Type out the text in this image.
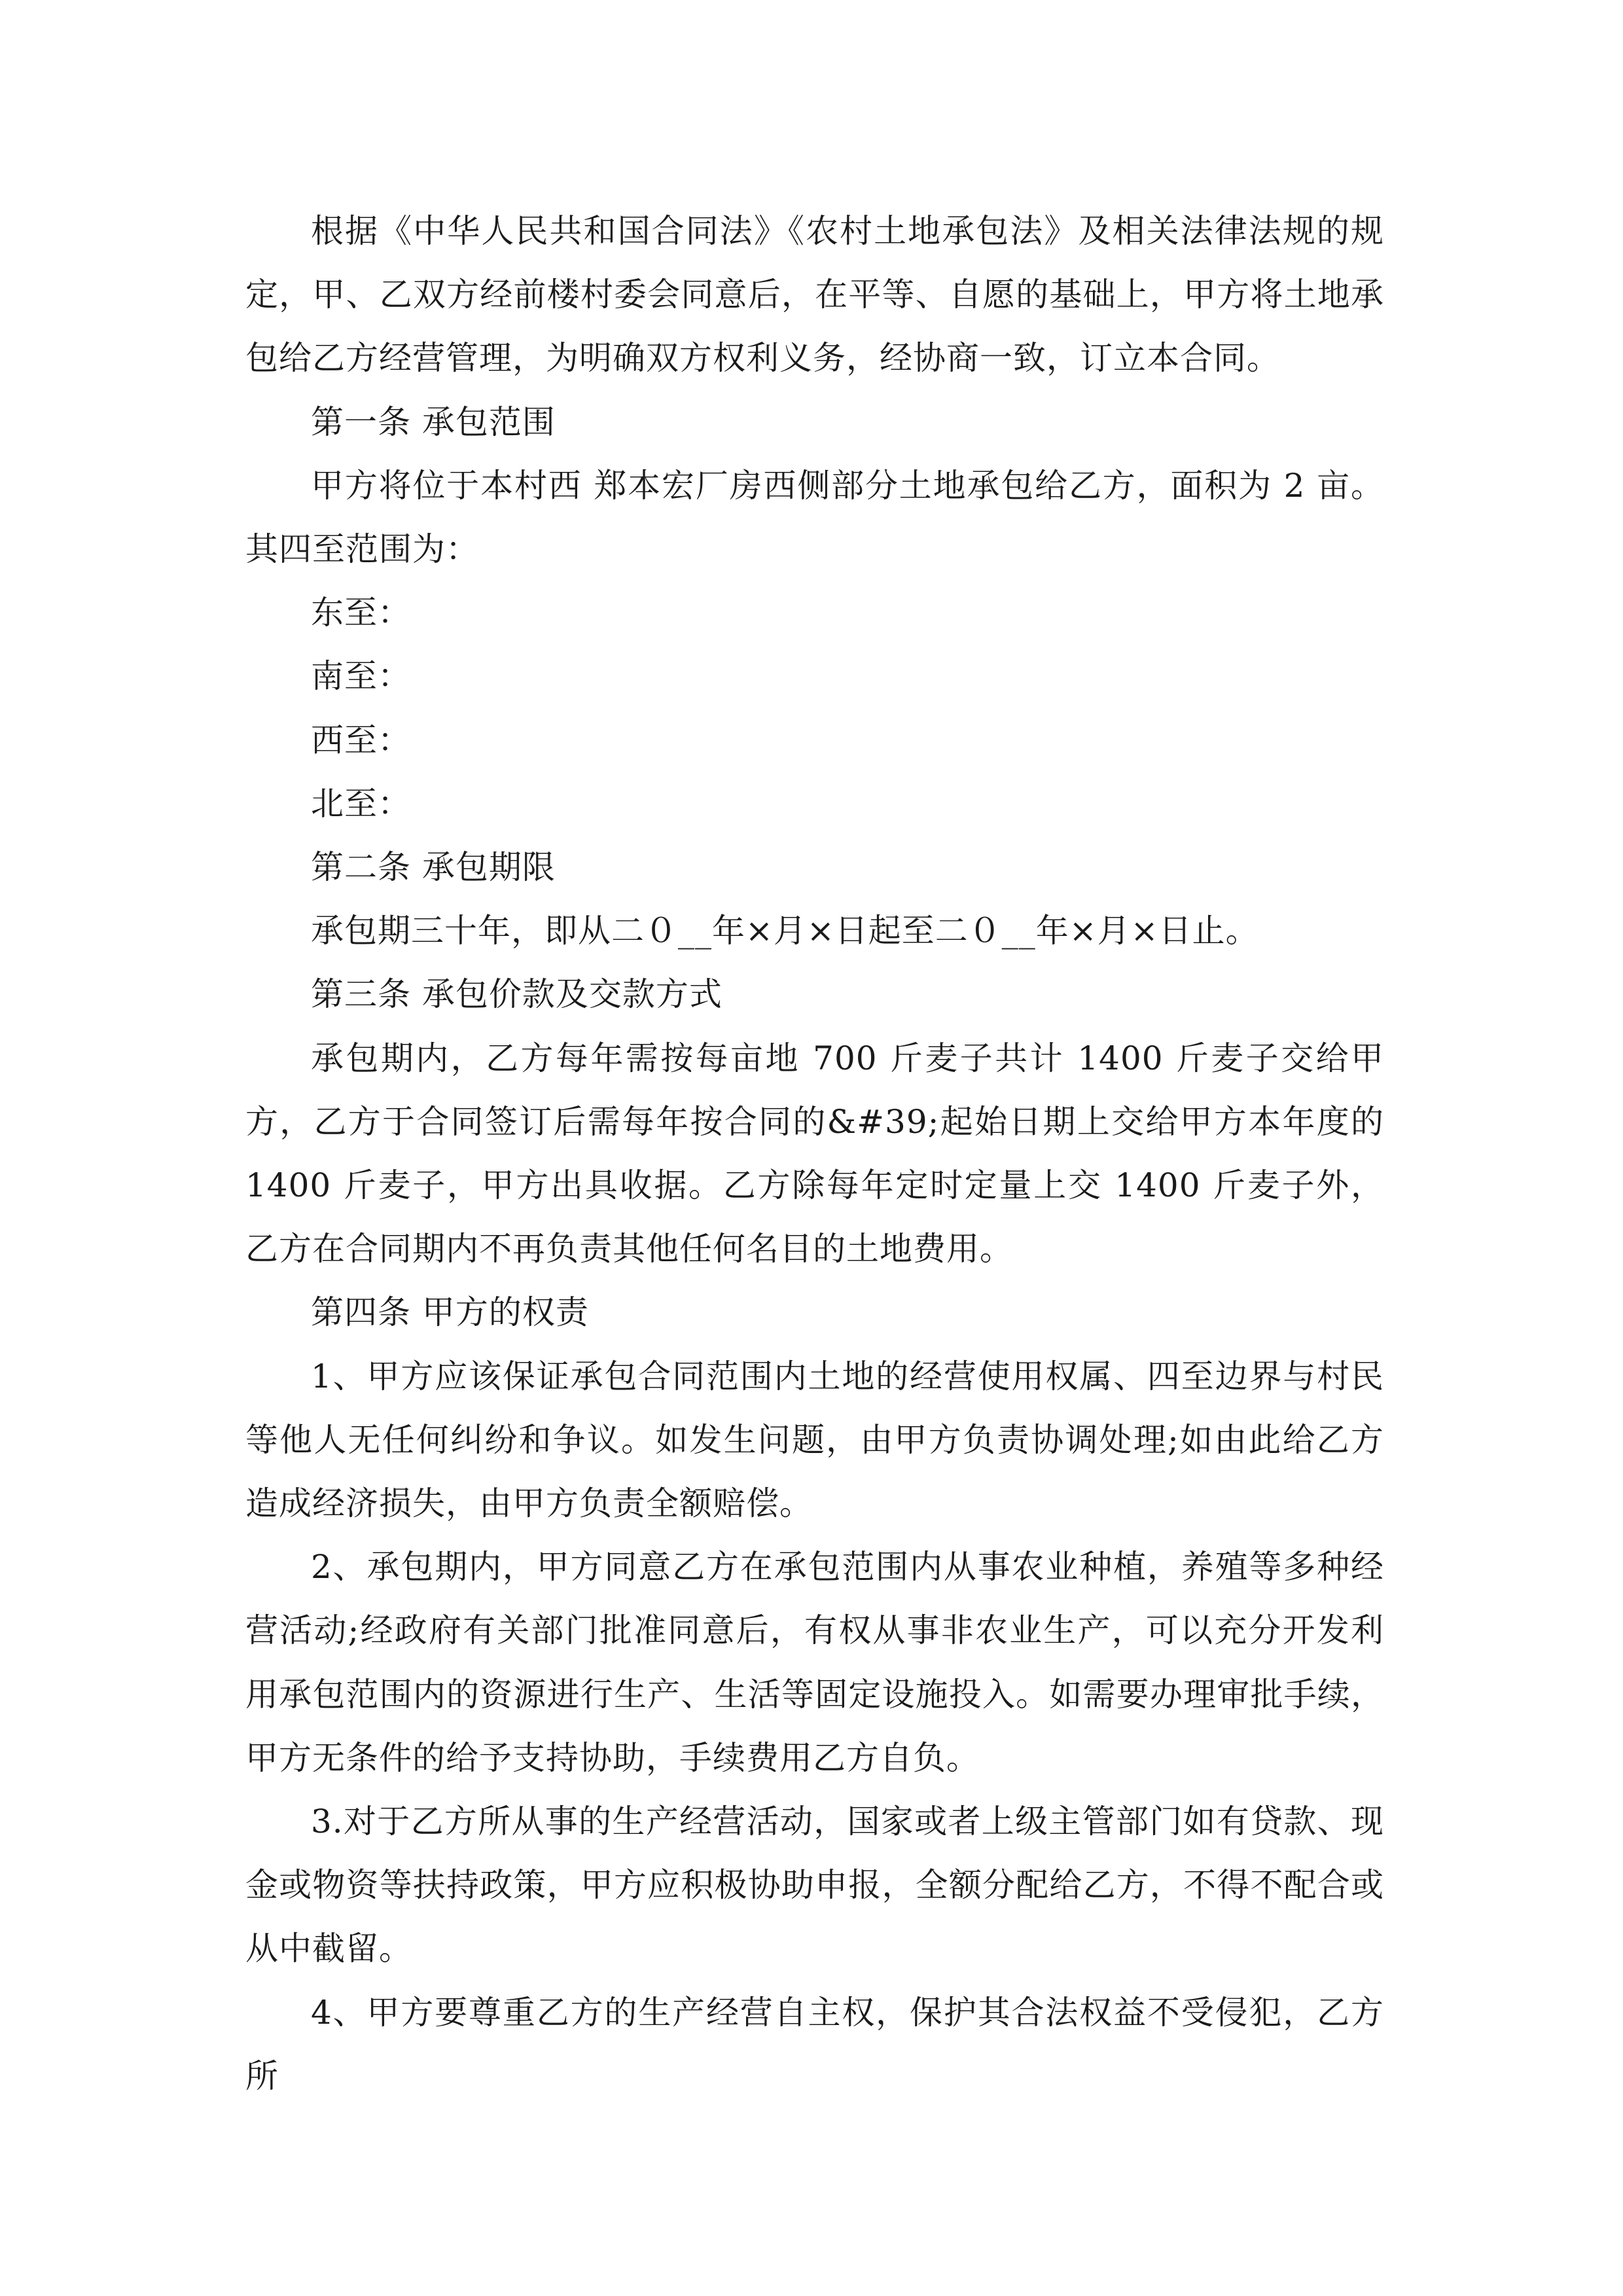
根据《中华人民共和国合同法》《农村土地承包法》及相关法律法规的规定，甲、乙双方经前楼村委会同意后，在平等、自愿的基础上，甲方将土地承包给乙方经营管理，为明确双方权利义务，经协商一致，订立本合同。

第一条 承包范围

甲方将位于本村西 郑本宏厂房西侧部分土地承包给乙方，面积为 2 亩。其四至范围为：

东至：

南至：

西至：

北至：

第二条 承包期限

承包期三十年，即从二０__年×月×日起至二０__年×月×日止。

第三条 承包价款及交款方式

承包期内，乙方每年需按每亩地 700 斤麦子共计 1400 斤麦子交给甲方，乙方于合同签订后需每年按合同的&#39;起始日期上交给甲方本年度的 1400 斤麦子，甲方出具收据。乙方除每年定时定量上交 1400 斤麦子外，乙方在合同期内不再负责其他任何名目的土地费用。

第四条 甲方的权责

1、甲方应该保证承包合同范围内土地的经营使用权属、四至边界与村民等他人无任何纠纷和争议。如发生问题，由甲方负责协调处理;如由此给乙方造成经济损失，由甲方负责全额赔偿。

2、承包期内，甲方同意乙方在承包范围内从事农业种植，养殖等多种经营活动;经政府有关部门批准同意后，有权从事非农业生产，可以充分开发利用承包范围内的资源进行生产、生活等固定设施投入。如需要办理审批手续，甲方无条件的给予支持协助，手续费用乙方自负。

3.对于乙方所从事的生产经营活动，国家或者上级主管部门如有贷款、现金或物资等扶持政策，甲方应积极协助申报，全额分配给乙方，不得不配合或从中截留。

4、甲方要尊重乙方的生产经营自主权，保护其合法权益不受侵犯，乙方所
